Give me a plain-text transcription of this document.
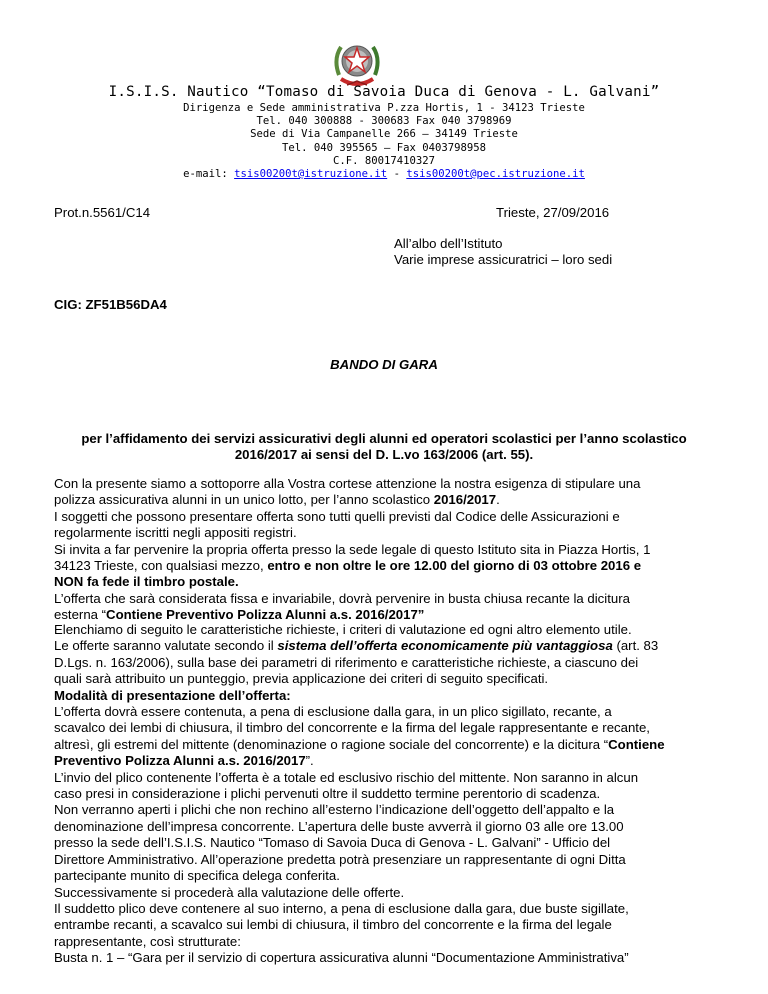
I.S.I.S. Nautico “Tomaso di Savoia Duca di Genova - L. Galvani”
Dirigenza e Sede amministrativa P.zza Hortis, 1 - 34123 Trieste
Tel. 040 300888 - 300683 Fax 040 3798969
Sede di Via Campanelle 266 – 34149 Trieste
Tel. 040 395565 – Fax 0403798958
C.F. 80017410327
e-mail: tsis00200t@istruzione.it - tsis00200t@pec.istruzione.it
Prot.n.5561/C14	Trieste, 27/09/2016
All’albo dell’Istituto
Varie imprese assicuratrici – loro sedi
CIG: ZF51B56DA4
BANDO DI GARA
per l’affidamento dei servizi assicurativi degli alunni ed operatori scolastici per l’anno scolastico
2016/2017 ai sensi del D. L.vo 163/2006 (art. 55).

Con la presente siamo a sottoporre alla Vostra cortese attenzione la nostra esigenza di stipulare una

polizza assicurativa alunni in un unico lotto, per l’anno scolastico 2016/2017.

I soggetti che possono presentare offerta sono tutti quelli previsti dal Codice delle Assicurazioni e

regolarmente iscritti negli appositi registri.

Si invita a far pervenire la propria offerta presso la sede legale di questo Istituto sita in Piazza Hortis, 1

34123 Trieste, con qualsiasi mezzo, entro e non oltre le ore 12.00 del giorno di 03 ottobre 2016 e

NON fa fede il timbro postale.

L’offerta che sarà considerata fissa e invariabile, dovrà pervenire in busta chiusa recante la dicitura

esterna “Contiene Preventivo Polizza Alunni a.s. 2016/2017”

Elenchiamo di seguito le caratteristiche richieste, i criteri di valutazione ed ogni altro elemento utile.

Le offerte saranno valutate secondo il sistema dell’offerta economicamente più vantaggiosa (art. 83

D.Lgs. n. 163/2006), sulla base dei parametri di riferimento e caratteristiche richieste, a ciascuno dei

quali sarà attribuito un punteggio, previa applicazione dei criteri di seguito specificati.

Modalità di presentazione dell’offerta:

L’offerta dovrà essere contenuta, a pena di esclusione dalla gara, in un plico sigillato, recante, a

scavalco dei lembi di chiusura, il timbro del concorrente e la firma del legale rappresentante e recante,

altresì, gli estremi del mittente (denominazione o ragione sociale del concorrente) e la dicitura “Contiene

Preventivo Polizza Alunni a.s. 2016/2017”.

L’invio del plico contenente l’offerta è a totale ed esclusivo rischio del mittente. Non saranno in alcun

caso presi in considerazione i plichi pervenuti oltre il suddetto termine perentorio di scadenza.

Non verranno aperti i plichi che non rechino all’esterno l’indicazione dell’oggetto dell’appalto e la

denominazione dell’impresa concorrente. L’apertura delle buste avverrà il giorno 03 alle ore 13.00

presso la sede dell’I.S.I.S. Nautico “Tomaso di Savoia Duca di Genova - L. Galvani” - Ufficio del

Direttore Amministrativo. All’operazione predetta potrà presenziare un rappresentante di ogni Ditta

partecipante munito di specifica delega conferita.

Successivamente si procederà alla valutazione delle offerte.

Il suddetto plico deve contenere al suo interno, a pena di esclusione dalla gara, due buste sigillate,

entrambe recanti, a scavalco sui lembi di chiusura, il timbro del concorrente e la firma del legale

rappresentante, così strutturate:

Busta n. 1 – “Gara per il servizio di copertura assicurativa alunni “Documentazione Amministrativa”
